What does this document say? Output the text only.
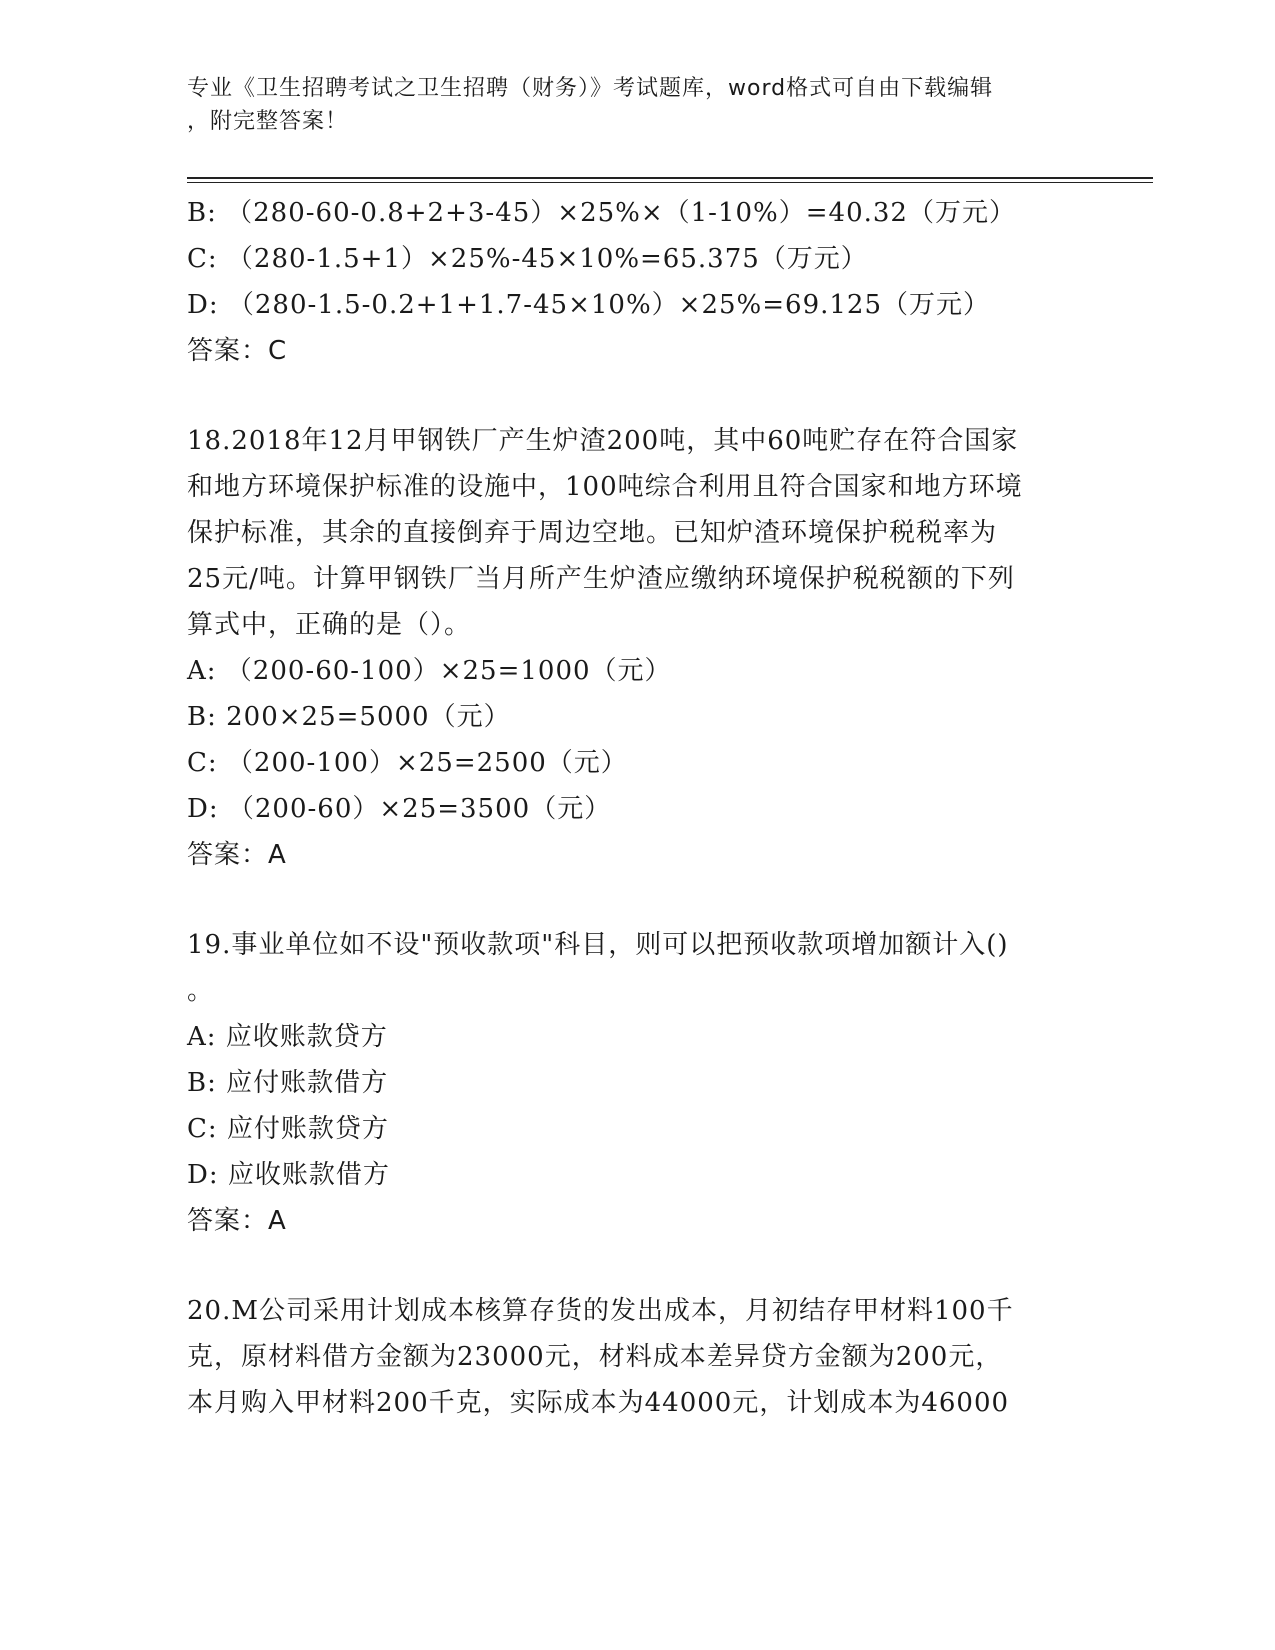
专业《卫生招聘考试之卫生招聘（财务）》考试题库，word格式可自由下载编辑
，附完整答案！
B: （280-60-0.8+2+3-45）×25%×（1-10%）=40.32（万元）
C: （280-1.5+1）×25%-45×10%=65.375（万元）
D: （280-1.5-0.2+1+1.7-45×10%）×25%=69.125（万元）
答案：C
18.2018年12月甲钢铁厂产生炉渣200吨，其中60吨贮存在符合国家
和地方环境保护标准的设施中，100吨综合利用且符合国家和地方环境
保护标准，其余的直接倒弃于周边空地。已知炉渣环境保护税税率为
25元/吨。计算甲钢铁厂当月所产生炉渣应缴纳环境保护税税额的下列
算式中，正确的是（）。
A: （200-60-100）×25=1000（元）
B: 200×25=5000（元）
C: （200-100）×25=2500（元）
D: （200-60）×25=3500（元）
答案：A
19.事业单位如不设"预收款项"科目，则可以把预收款项增加额计入()
。
A: 应收账款贷方
B: 应付账款借方
C: 应付账款贷方
D: 应收账款借方
答案：A
20.M公司采用计划成本核算存货的发出成本，月初结存甲材料100千
克，原材料借方金额为23000元，材料成本差异贷方金额为200元，
本月购入甲材料200千克，实际成本为44000元，计划成本为46000
